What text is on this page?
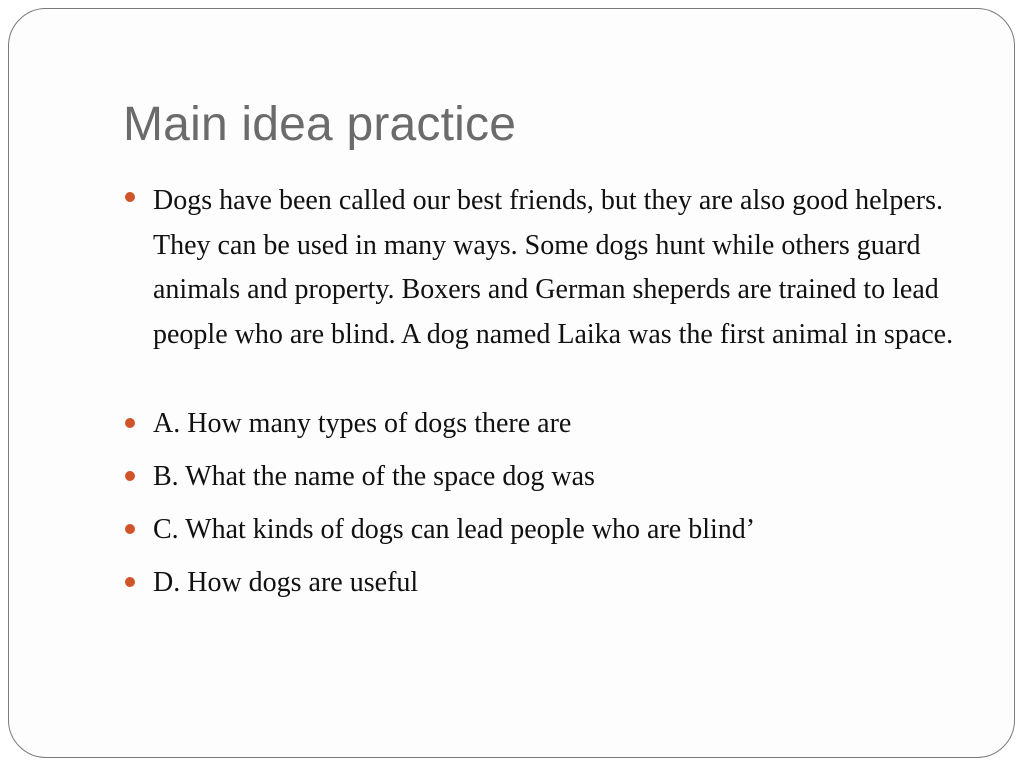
Main idea practice
Dogs have been called our best friends, but they are also good helpers. They can be used in many ways. Some dogs hunt while others guard animals and property. Boxers and German sheperds are trained to lead people who are blind. A dog named Laika was the first animal in space.
A. How many types of dogs there are
B. What the name of the space dog was
C. What kinds of dogs can lead people who are blind’
D. How dogs are useful
